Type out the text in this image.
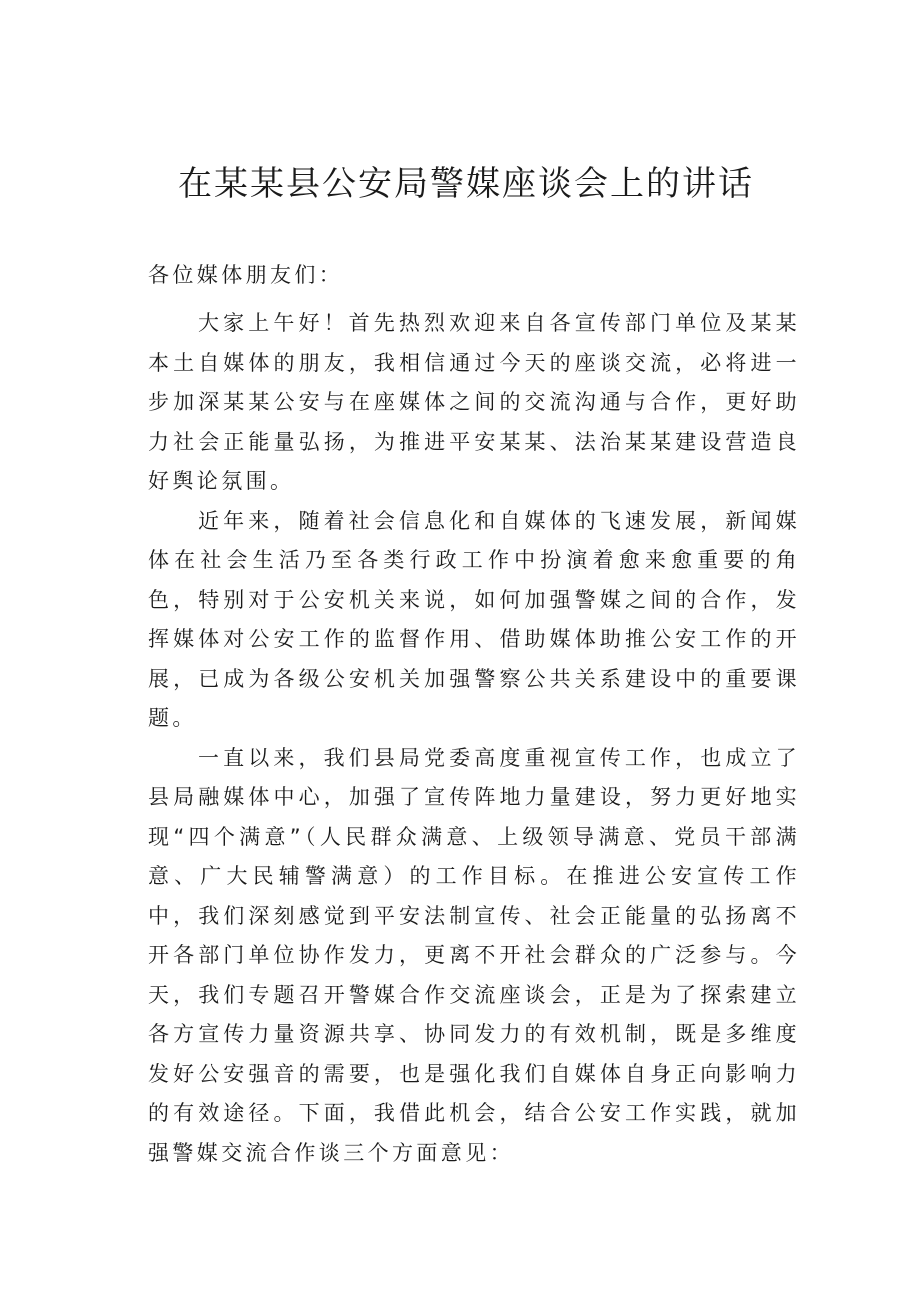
在某某县公安局警媒座谈会上的讲话

各位媒体朋友们：

大家上午好！首先热烈欢迎来自各宣传部门单位及某某本土自媒体的朋友，我相信通过今天的座谈交流，必将进一步加深某某公安与在座媒体之间的交流沟通与合作，更好助力社会正能量弘扬，为推进平安某某、法治某某建设营造良好舆论氛围。

近年来，随着社会信息化和自媒体的飞速发展，新闻媒体在社会生活乃至各类行政工作中扮演着愈来愈重要的角色，特别对于公安机关来说，如何加强警媒之间的合作，发挥媒体对公安工作的监督作用、借助媒体助推公安工作的开展，已成为各级公安机关加强警察公共关系建设中的重要课题。

一直以来，我们县局党委高度重视宣传工作，也成立了县局融媒体中心，加强了宣传阵地力量建设，努力更好地实现“四个满意”（人民群众满意、上级领导满意、党员干部满意、广大民辅警满意）的工作目标。在推进公安宣传工作中，我们深刻感觉到平安法制宣传、社会正能量的弘扬离不开各部门单位协作发力，更离不开社会群众的广泛参与。今天，我们专题召开警媒合作交流座谈会，正是为了探索建立各方宣传力量资源共享、协同发力的有效机制，既是多维度发好公安强音的需要，也是强化我们自媒体自身正向影响力的有效途径。下面，我借此机会，结合公安工作实践，就加强警媒交流合作谈三个方面意见：
